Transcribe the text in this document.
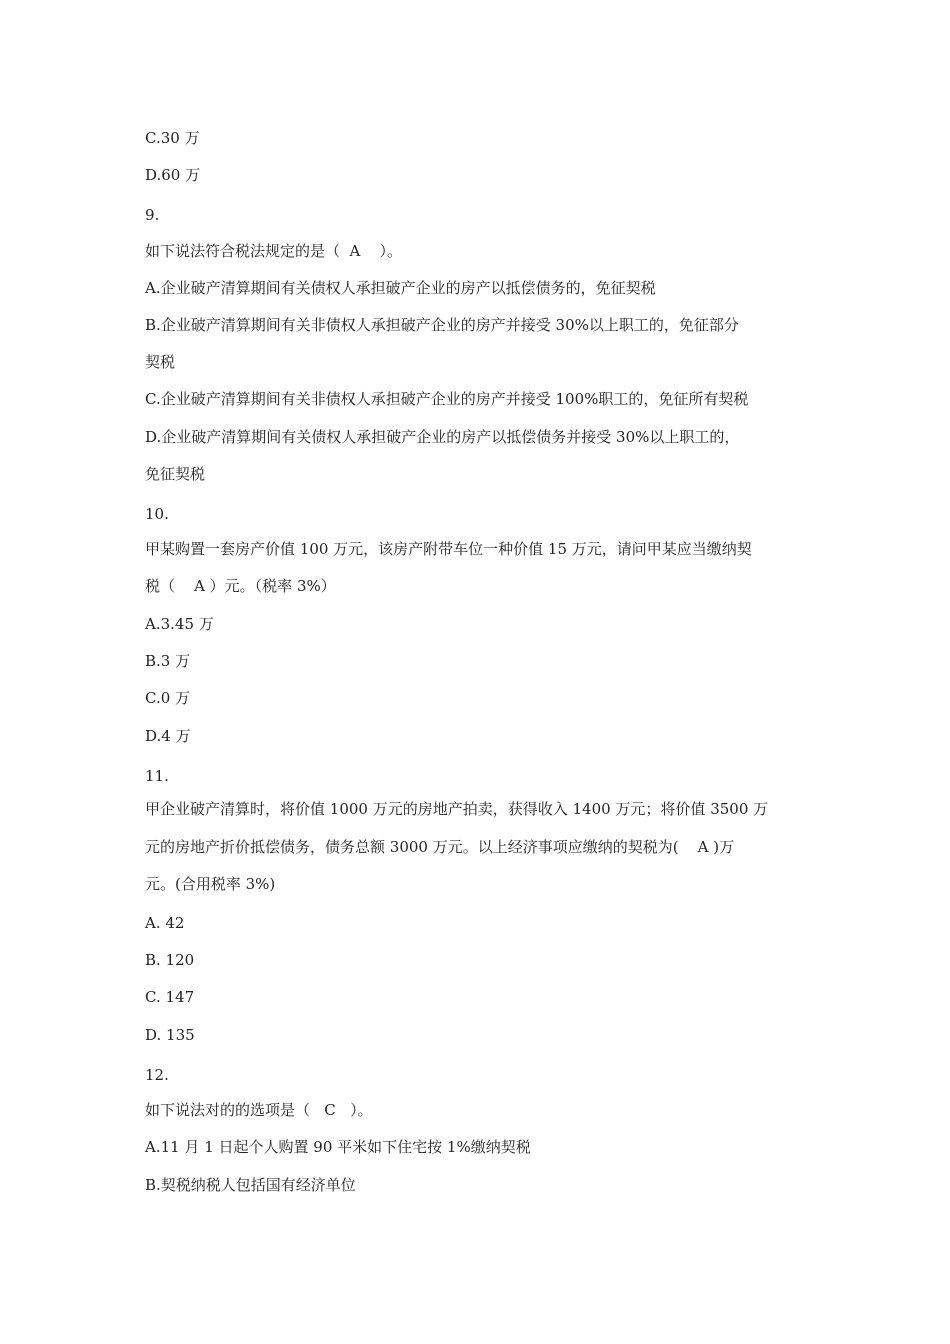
C.30 万
D.60 万
9.
如下说法符合税法规定的是（  A    ）。
A.企业破产清算期间有关债权人承担破产企业的房产以抵偿债务的，免征契税
B.企业破产清算期间有关非债权人承担破产企业的房产并接受 30%以上职工的，免征部分
契税
C.企业破产清算期间有关非债权人承担破产企业的房产并接受 100%职工的，免征所有契税
D.企业破产清算期间有关债权人承担破产企业的房产以抵偿债务并接受 30%以上职工的，
免征契税
10.
甲某购置一套房产价值 100 万元，该房产附带车位一种价值 15 万元，请问甲某应当缴纳契
税（    A ）元。（税率 3%）
A.3.45 万
B.3 万
C.0 万
D.4 万
11.
甲企业破产清算时，将价值 1000 万元的房地产拍卖，获得收入 1400 万元；将价值 3500 万
元的房地产折价抵偿债务，债务总额 3000 万元。以上经济事项应缴纳的契税为(    A )万
元。(合用税率 3%)
A. 42
B. 120
C. 147
D. 135
12.
如下说法对的的选项是（   C   ）。
A.11 月 1 日起个人购置 90 平米如下住宅按 1%缴纳契税
B.契税纳税人包括国有经济单位
